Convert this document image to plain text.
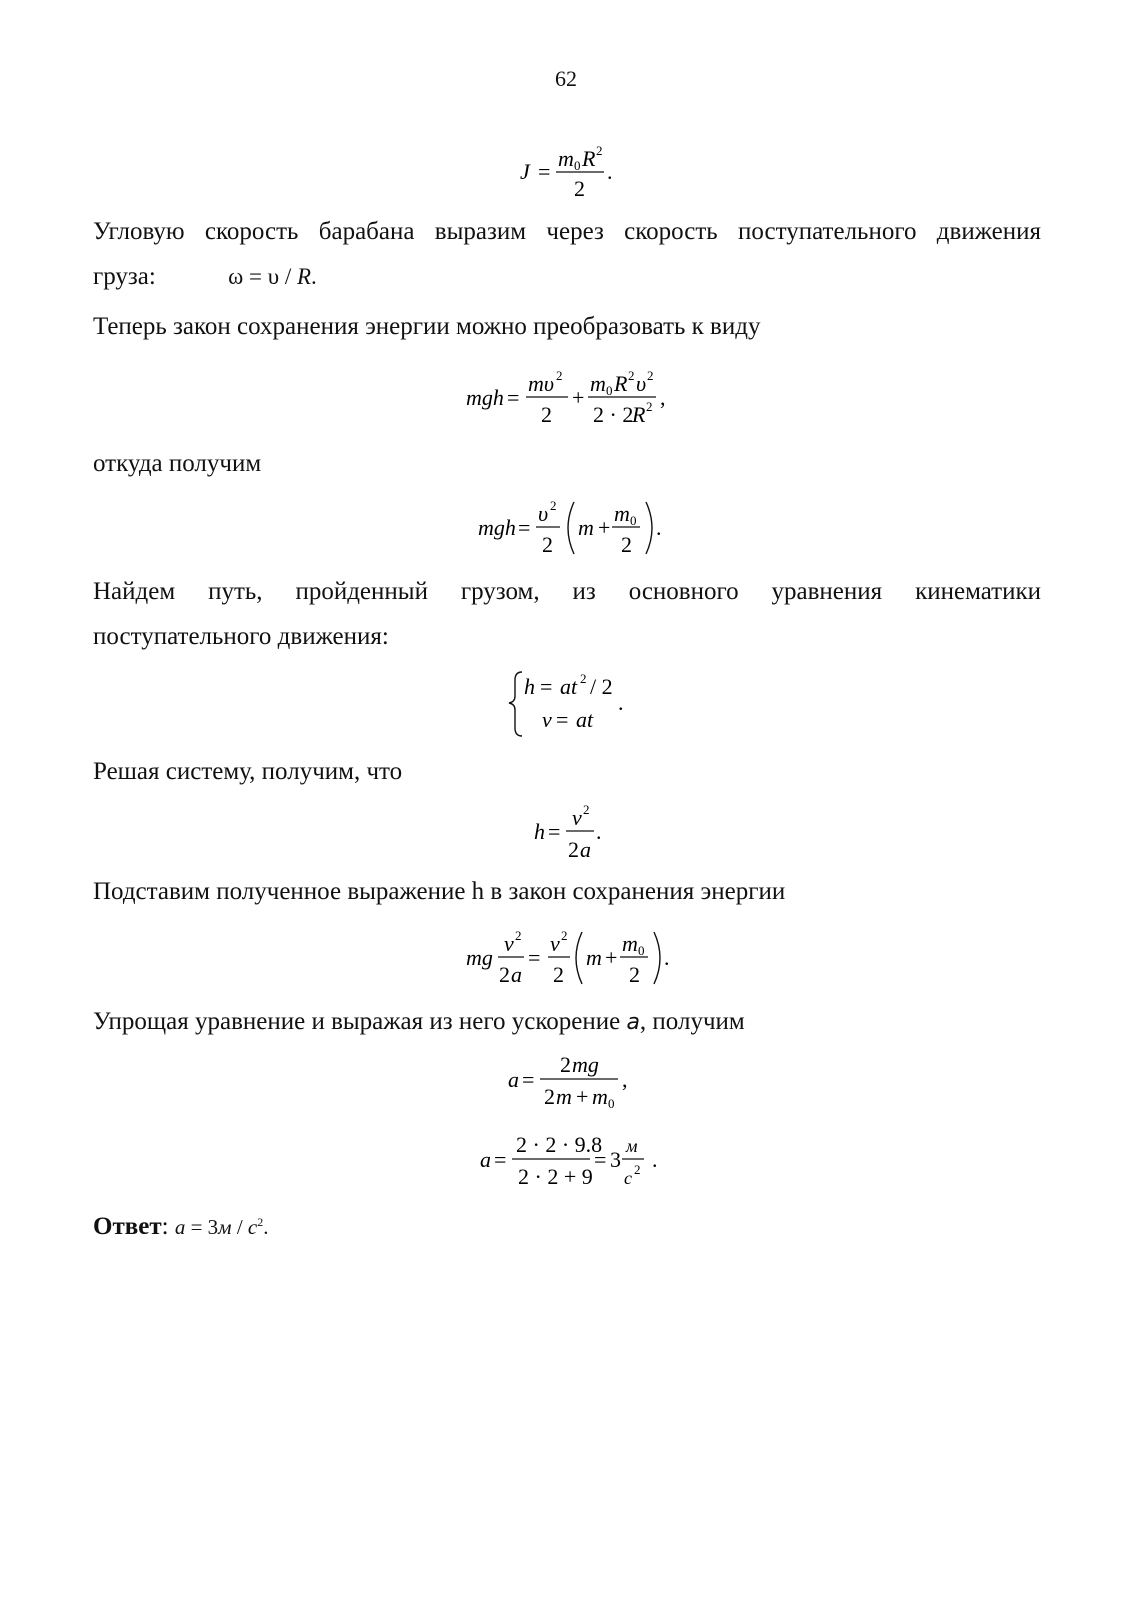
62
J =
m 0 R 2
2
.

Угловую скорость барабана выразим через скорость поступательного движения

груза:	ω = υ / R.

Теперь закон сохранения энергии можно преобразовать к виду

mgh =
mυ 2
2
+
m 0 R 2 υ 2
2 · 2
R 2 ,

откуда получим

mgh =
υ 2
2
m +
m 0
2
.

Найдем путь, пройденный грузом, из основного уравнения кинематики

поступательного движения:

h = at 2 / 2
v = at
.

Решая систему, получим, что

h =
v 2
2 a
.

Подставим полученное выражение h в закон сохранения энергии

mg
v 2
2 a
=
v 2
2
m +
m 0
2
.

Упрощая уравнение и выражая из него ускорение a, получим

a =
2 mg
2 m + m 0
,
a =
2 · 2 · 9.8
2 · 2 + 9
= 3
м
с 2 .

Ответ: $a = 3м / с^2$.
